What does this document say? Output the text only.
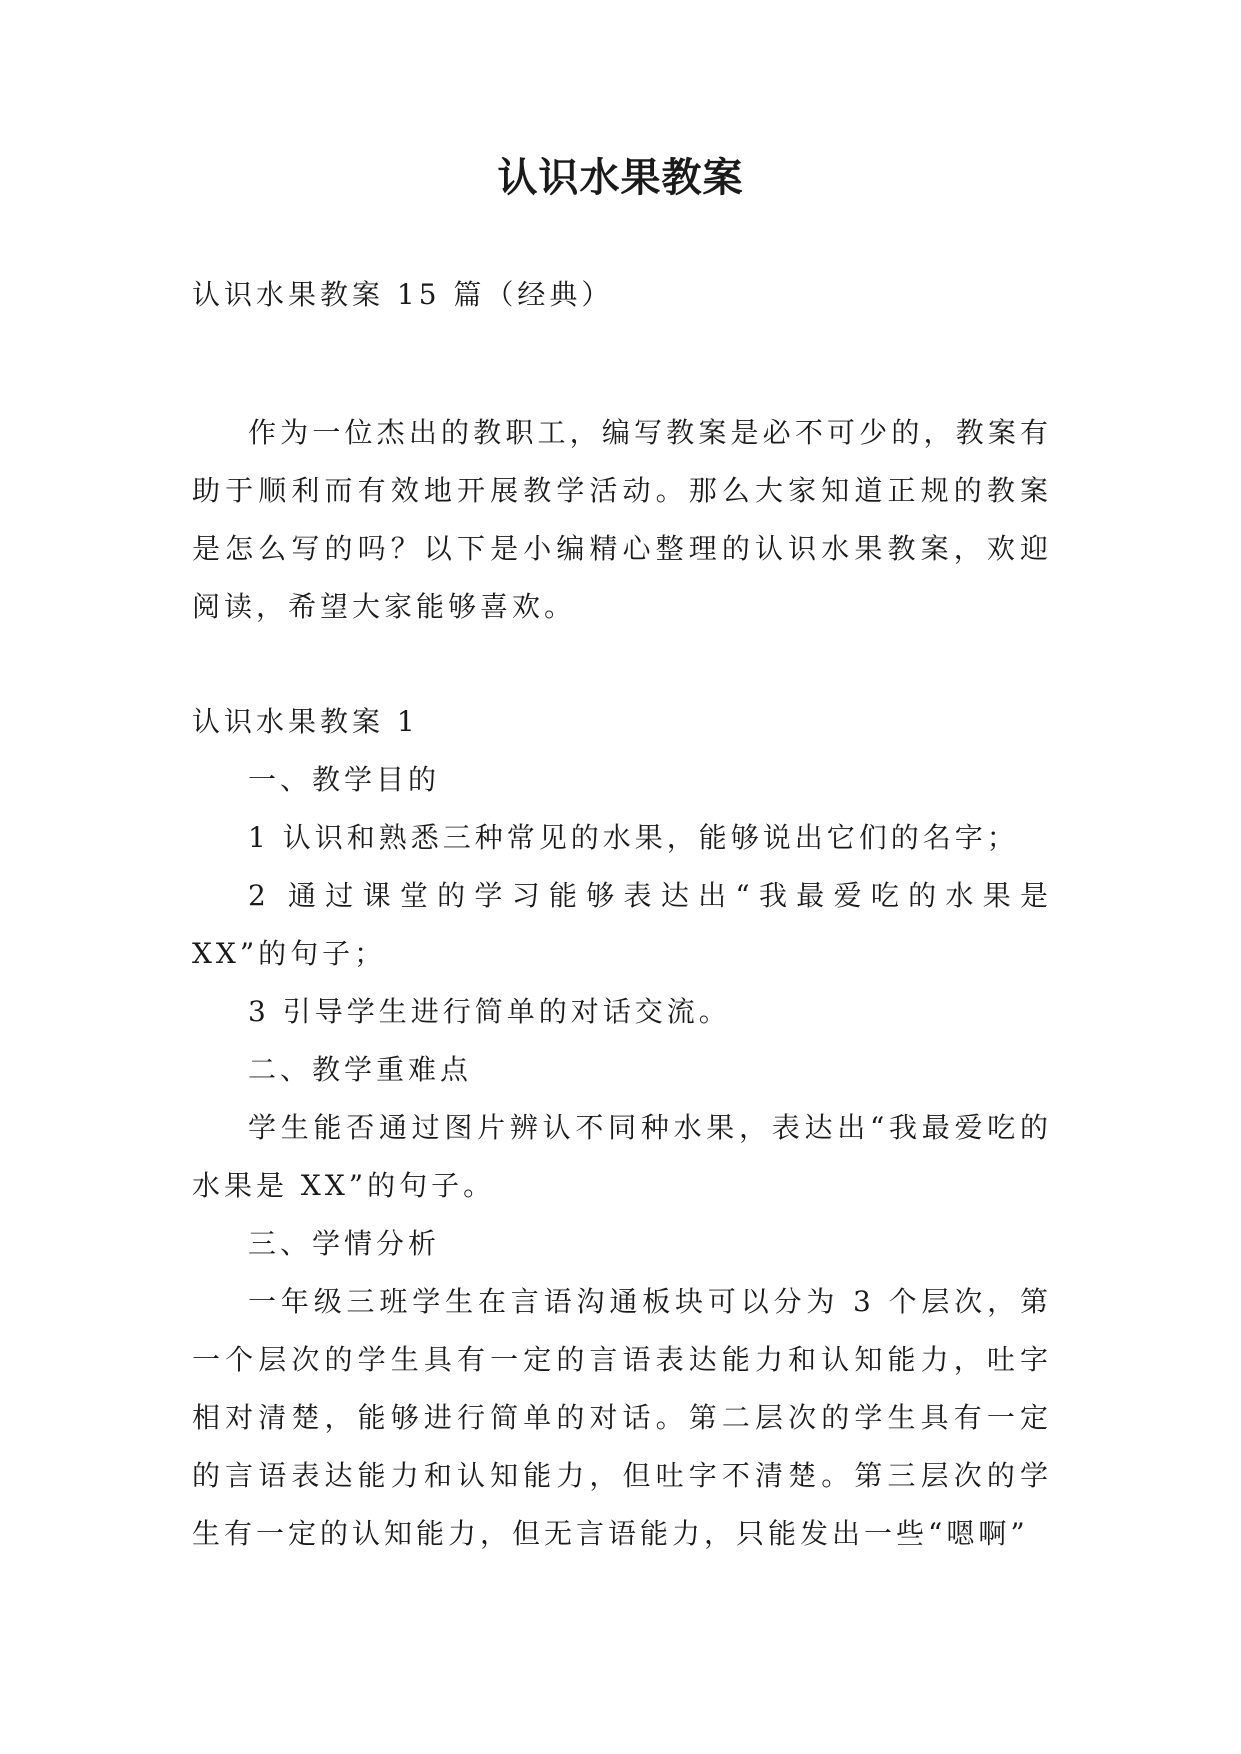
认识水果教案

认识水果教案 15 篇（经典）

作为一位杰出的教职工，编写教案是必不可少的，教案有助于顺利而有效地开展教学活动。那么大家知道正规的教案是怎么写的吗？以下是小编精心整理的认识水果教案，欢迎阅读，希望大家能够喜欢。

认识水果教案 1

一、教学目的

1 认识和熟悉三种常见的水果，能够说出它们的名字；

2 通过课堂的学习能够表达出“我最爱吃的水果是 XX”的句子；

3 引导学生进行简单的对话交流。

二、教学重难点

学生能否通过图片辨认不同种水果，表达出“我最爱吃的水果是 XX”的句子。

三、学情分析

一年级三班学生在言语沟通板块可以分为 3 个层次，第一个层次的学生具有一定的言语表达能力和认知能力，吐字相对清楚，能够进行简单的对话。第二层次的学生具有一定的言语表达能力和认知能力，但吐字不清楚。第三层次的学生有一定的认知能力，但无言语能力，只能发出一些“嗯啊”
